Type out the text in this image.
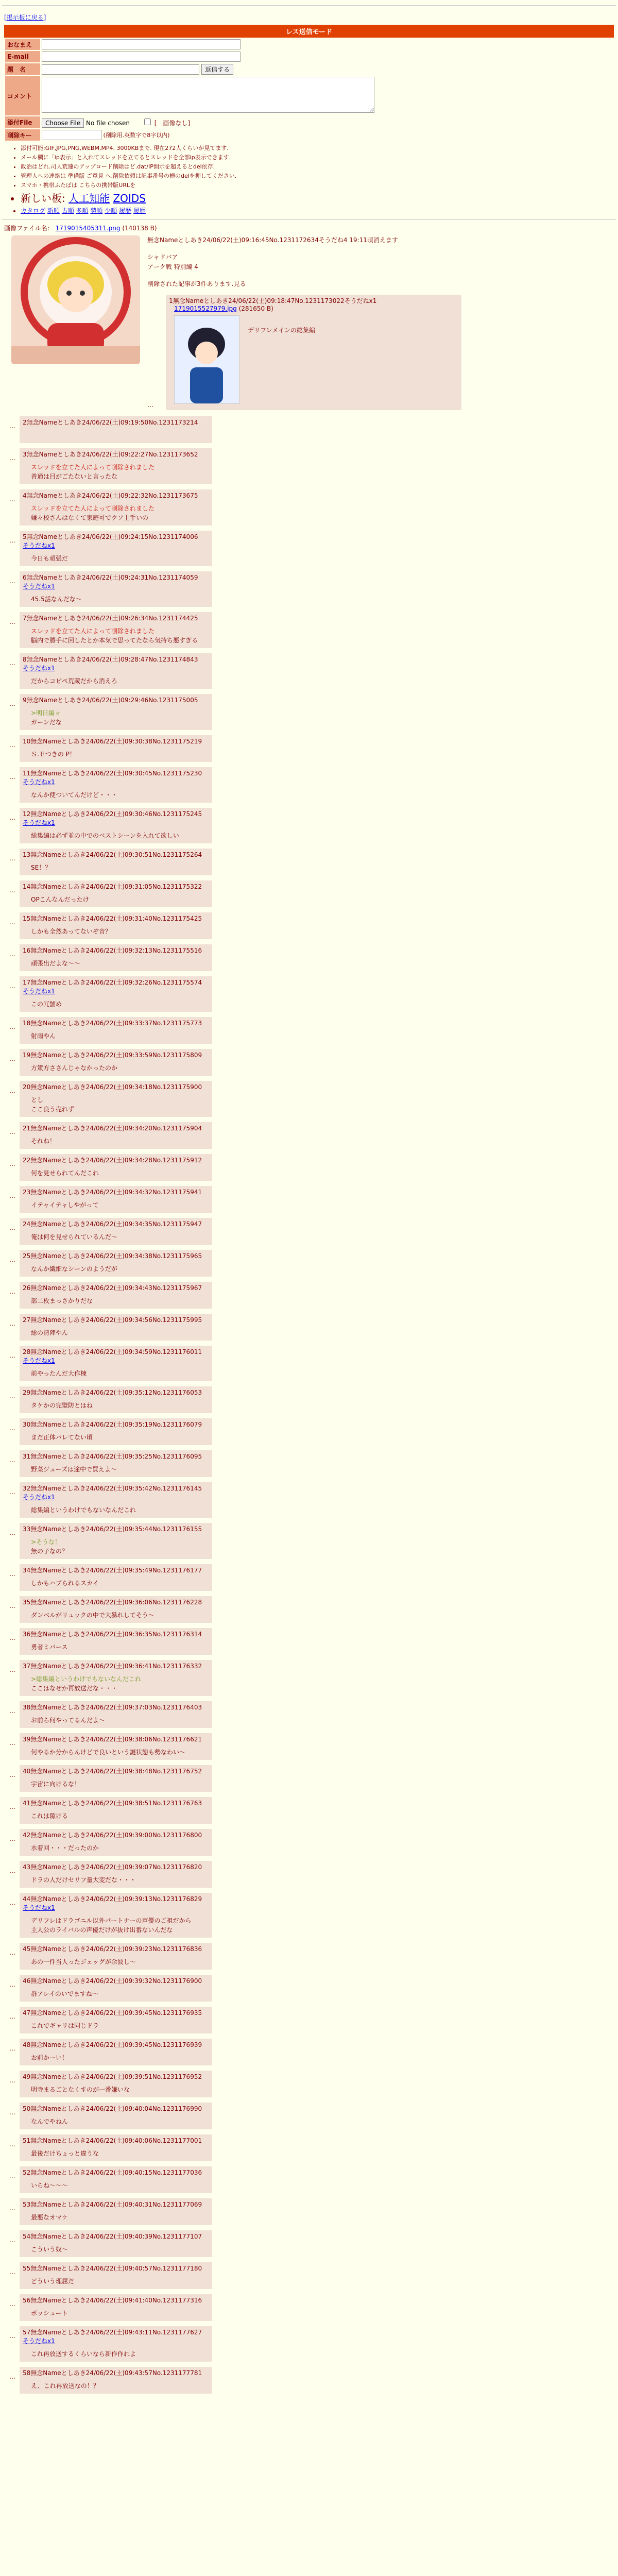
[掲示板に戻る]
レス送信モード
おなまえ	
E-mail	
題　名	返信する
コメント	
添付File	Choose File No file chosen [　画像なし]
削除キー	(削除用.英数字で8字以内)
• 添付可能:GIF,JPG,PNG,WEBM,MP4. 3000KBまで. 現在272人くらいが見てます.
• メール欄に「ip表示」と入れてスレッドを立てるとスレッドを全部ip表示できます.
• 政治はどれ.司人荒連のアップロード削除はど.dat/IP開示を超えるとdel依存.
• 管理人への連絡は 準備版 ご意見 へ.削除依頼は記事番号の横のdelを押してください.
• スマホ・携帯ふたばは こちらの携帯版URLを
• 新しい板: 人工知能 ZOIDS
• カタログ 新順 古順 多順 勢順 少順 履歴 履歴
画像ファイル名： 1719015405311.png (140138 B)
無念Nameとしあき24/06/22(土)09:16:45No.1231172634そうだね4 19:11頃消えます
シャドバア
アーク戦 特別編 4
削除された記事が3件あります.見る
…
1無念Nameとしあき24/06/22(土)09:18:47No.1231173022そうだねx1
1719015527979.jpg (281650 B)
デリフレメインの総集編
… 2無念Nameとしあき24/06/22(土)09:19:50No.1231173214

… 3無念Nameとしあき24/06/22(土)09:22:27No.1231173652
スレッドを立てた人によって削除されました
普通は目がごたないと言ったな
… 4無念Nameとしあき24/06/22(土)09:22:32No.1231173675
スレッドを立てた人によって削除されました
嫌々校さんはなくて家庭可でクソ上手いの
… 5無念Nameとしあき24/06/22(土)09:24:15No.1231174006
そうだねx1
今日も頑張だ
… 6無念Nameとしあき24/06/22(土)09:24:31No.1231174059
そうだねx1
45.5話なんだな～
… 7無念Nameとしあき24/06/22(土)09:26:34No.1231174425
スレッドを立てた人によって削除されました
脳内で勝手に回したとか本気で思ってたなら気持ち悪すぎる
… 8無念Nameとしあき24/06/22(土)09:28:47No.1231174843
そうだねx1
だからコピペ荒蔵だから消えろ
… 9無念Nameとしあき24/06/22(土)09:29:46No.1231175005
>明日編ォ
ガーンだな
… 10無念Nameとしあき24/06/22(土)09:30:38No.1231175219
Ｓ.Ｅつきの P！
… 11無念Nameとしあき24/06/22(土)09:30:45No.1231175230
そうだねx1
なんか使ついてんだけど・・・
… 12無念Nameとしあき24/06/22(土)09:30:46No.1231175245
そうだねx1
総集編は必ず並の中でのベストシーンを入れて欲しい
… 13無念Nameとしあき24/06/22(土)09:30:51No.1231175264
SE！？
… 14無念Nameとしあき24/06/22(土)09:31:05No.1231175322
OPこんなんだったけ
… 15無念Nameとしあき24/06/22(土)09:31:40No.1231175425
しかも全然あってないぞ音？
… 16無念Nameとしあき24/06/22(土)09:32:13No.1231175516
頑張出だよな～～
… 17無念Nameとしあき24/06/22(土)09:32:26No.1231175574
そうだねx1
この冗舗め
… 18無念Nameとしあき24/06/22(土)09:33:37No.1231175773
射雨やん
… 19無念Nameとしあき24/06/22(土)09:33:59No.1231175809
方策方ささんじゃなかったのか
… 20無念Nameとしあき24/06/22(土)09:34:18No.1231175900
とし
ここ良う売れず
… 21無念Nameとしあき24/06/22(土)09:34:20No.1231175904
それね！
… 22無念Nameとしあき24/06/22(土)09:34:28No.1231175912
何を見せられてんだこれ
… 23無念Nameとしあき24/06/22(土)09:34:32No.1231175941
イテャイテャしやがって
… 24無念Nameとしあき24/06/22(土)09:34:35No.1231175947
俺は何を見せられているんだ～
… 25無念Nameとしあき24/06/22(土)09:34:38No.1231175965
なんか繊細なシーンのようだが
… 26無念Nameとしあき24/06/22(土)09:34:43No.1231175967
部二枚まっさかりだな
… 27無念Nameとしあき24/06/22(土)09:34:56No.1231175995
総の清陣やん
… 28無念Nameとしあき24/06/22(土)09:34:59No.1231176011
そうだねx1
前やったんだ大作棟
… 29無念Nameとしあき24/06/22(土)09:35:12No.1231176053
タケかの完璧防とはね
… 30無念Nameとしあき24/06/22(土)09:35:19No.1231176079
まだ正体バレてない頃
… 31無念Nameとしあき24/06/22(土)09:35:25No.1231176095
野菜ジューズは途中で買えよ～
… 32無念Nameとしあき24/06/22(土)09:35:42No.1231176145
そうだねx1
総集編というわけでもないなんだこれ
… 33無念Nameとしあき24/06/22(土)09:35:44No.1231176155
>そうな！
無の子なの？
… 34無念Nameとしあき24/06/22(土)09:35:49No.1231176177
しかもハブられるスカイ
… 35無念Nameとしあき24/06/22(土)09:36:06No.1231176228
ダンベルがリュックの中で大暴れしてそう～
… 36無念Nameとしあき24/06/22(土)09:36:35No.1231176314
勇者ミバース
… 37無念Nameとしあき24/06/22(土)09:36:41No.1231176332
>総集編というわけでもないなんだこれ
ここはなぜか再放送だな・・・
… 38無念Nameとしあき24/06/22(土)09:37:03No.1231176403
お前ら何やってるんだよ～
… 39無念Nameとしあき24/06/22(土)09:38:06No.1231176621
何やるか分からんけどで良いという謎状態も勢なわい～
… 40無念Nameとしあき24/06/22(土)09:38:48No.1231176752
宇宙に向けるな！
… 41無念Nameとしあき24/06/22(土)09:38:51No.1231176763
これは隙ける
… 42無念Nameとしあき24/06/22(土)09:39:00No.1231176800
水着回・・・だったのか
… 43無念Nameとしあき24/06/22(土)09:39:07No.1231176820
ドラの人だけセリフ量大変だな・・・
… 44無念Nameとしあき24/06/22(土)09:39:13No.1231176829
そうだねx1
デリフレはドラゴニル以外パートナーの声優のご祖だから
主人公のライバルの声優だけが抜け出番ないんだな
… 45無念Nameとしあき24/06/22(土)09:39:23No.1231176836
あの一件当人ったジェッグが余波し～
… 46無念Nameとしあき24/06/22(土)09:39:32No.1231176900
群アレイのいでますね～
… 47無念Nameとしあき24/06/22(土)09:39:45No.1231176935
これでギャリは同じドラ
… 48無念Nameとしあき24/06/22(土)09:39:45No.1231176939
お前かーい！
… 49無念Nameとしあき24/06/22(土)09:39:51No.1231176952
明寺まるごとなくすのが一番嫌いな
… 50無念Nameとしあき24/06/22(土)09:40:04No.1231176990
なんでやねん
… 51無念Nameとしあき24/06/22(土)09:40:06No.1231177001
最後だけちょっと違うな
… 52無念Nameとしあき24/06/22(土)09:40:15No.1231177036
いらね～～～
… 53無念Nameとしあき24/06/22(土)09:40:31No.1231177069
最悪なオマケ
… 54無念Nameとしあき24/06/22(土)09:40:39No.1231177107
こういう奴～
… 55無念Nameとしあき24/06/22(土)09:40:57No.1231177180
どういう理屈だ
… 56無念Nameとしあき24/06/22(土)09:41:40No.1231177316
ボッシュート
… 57無念Nameとしあき24/06/22(土)09:43:11No.1231177627
そうだねx1
これ再放送するくらいなら新作作れよ
… 58無念Nameとしあき24/06/22(土)09:43:57No.1231177781
え、これ再放送なの！？
